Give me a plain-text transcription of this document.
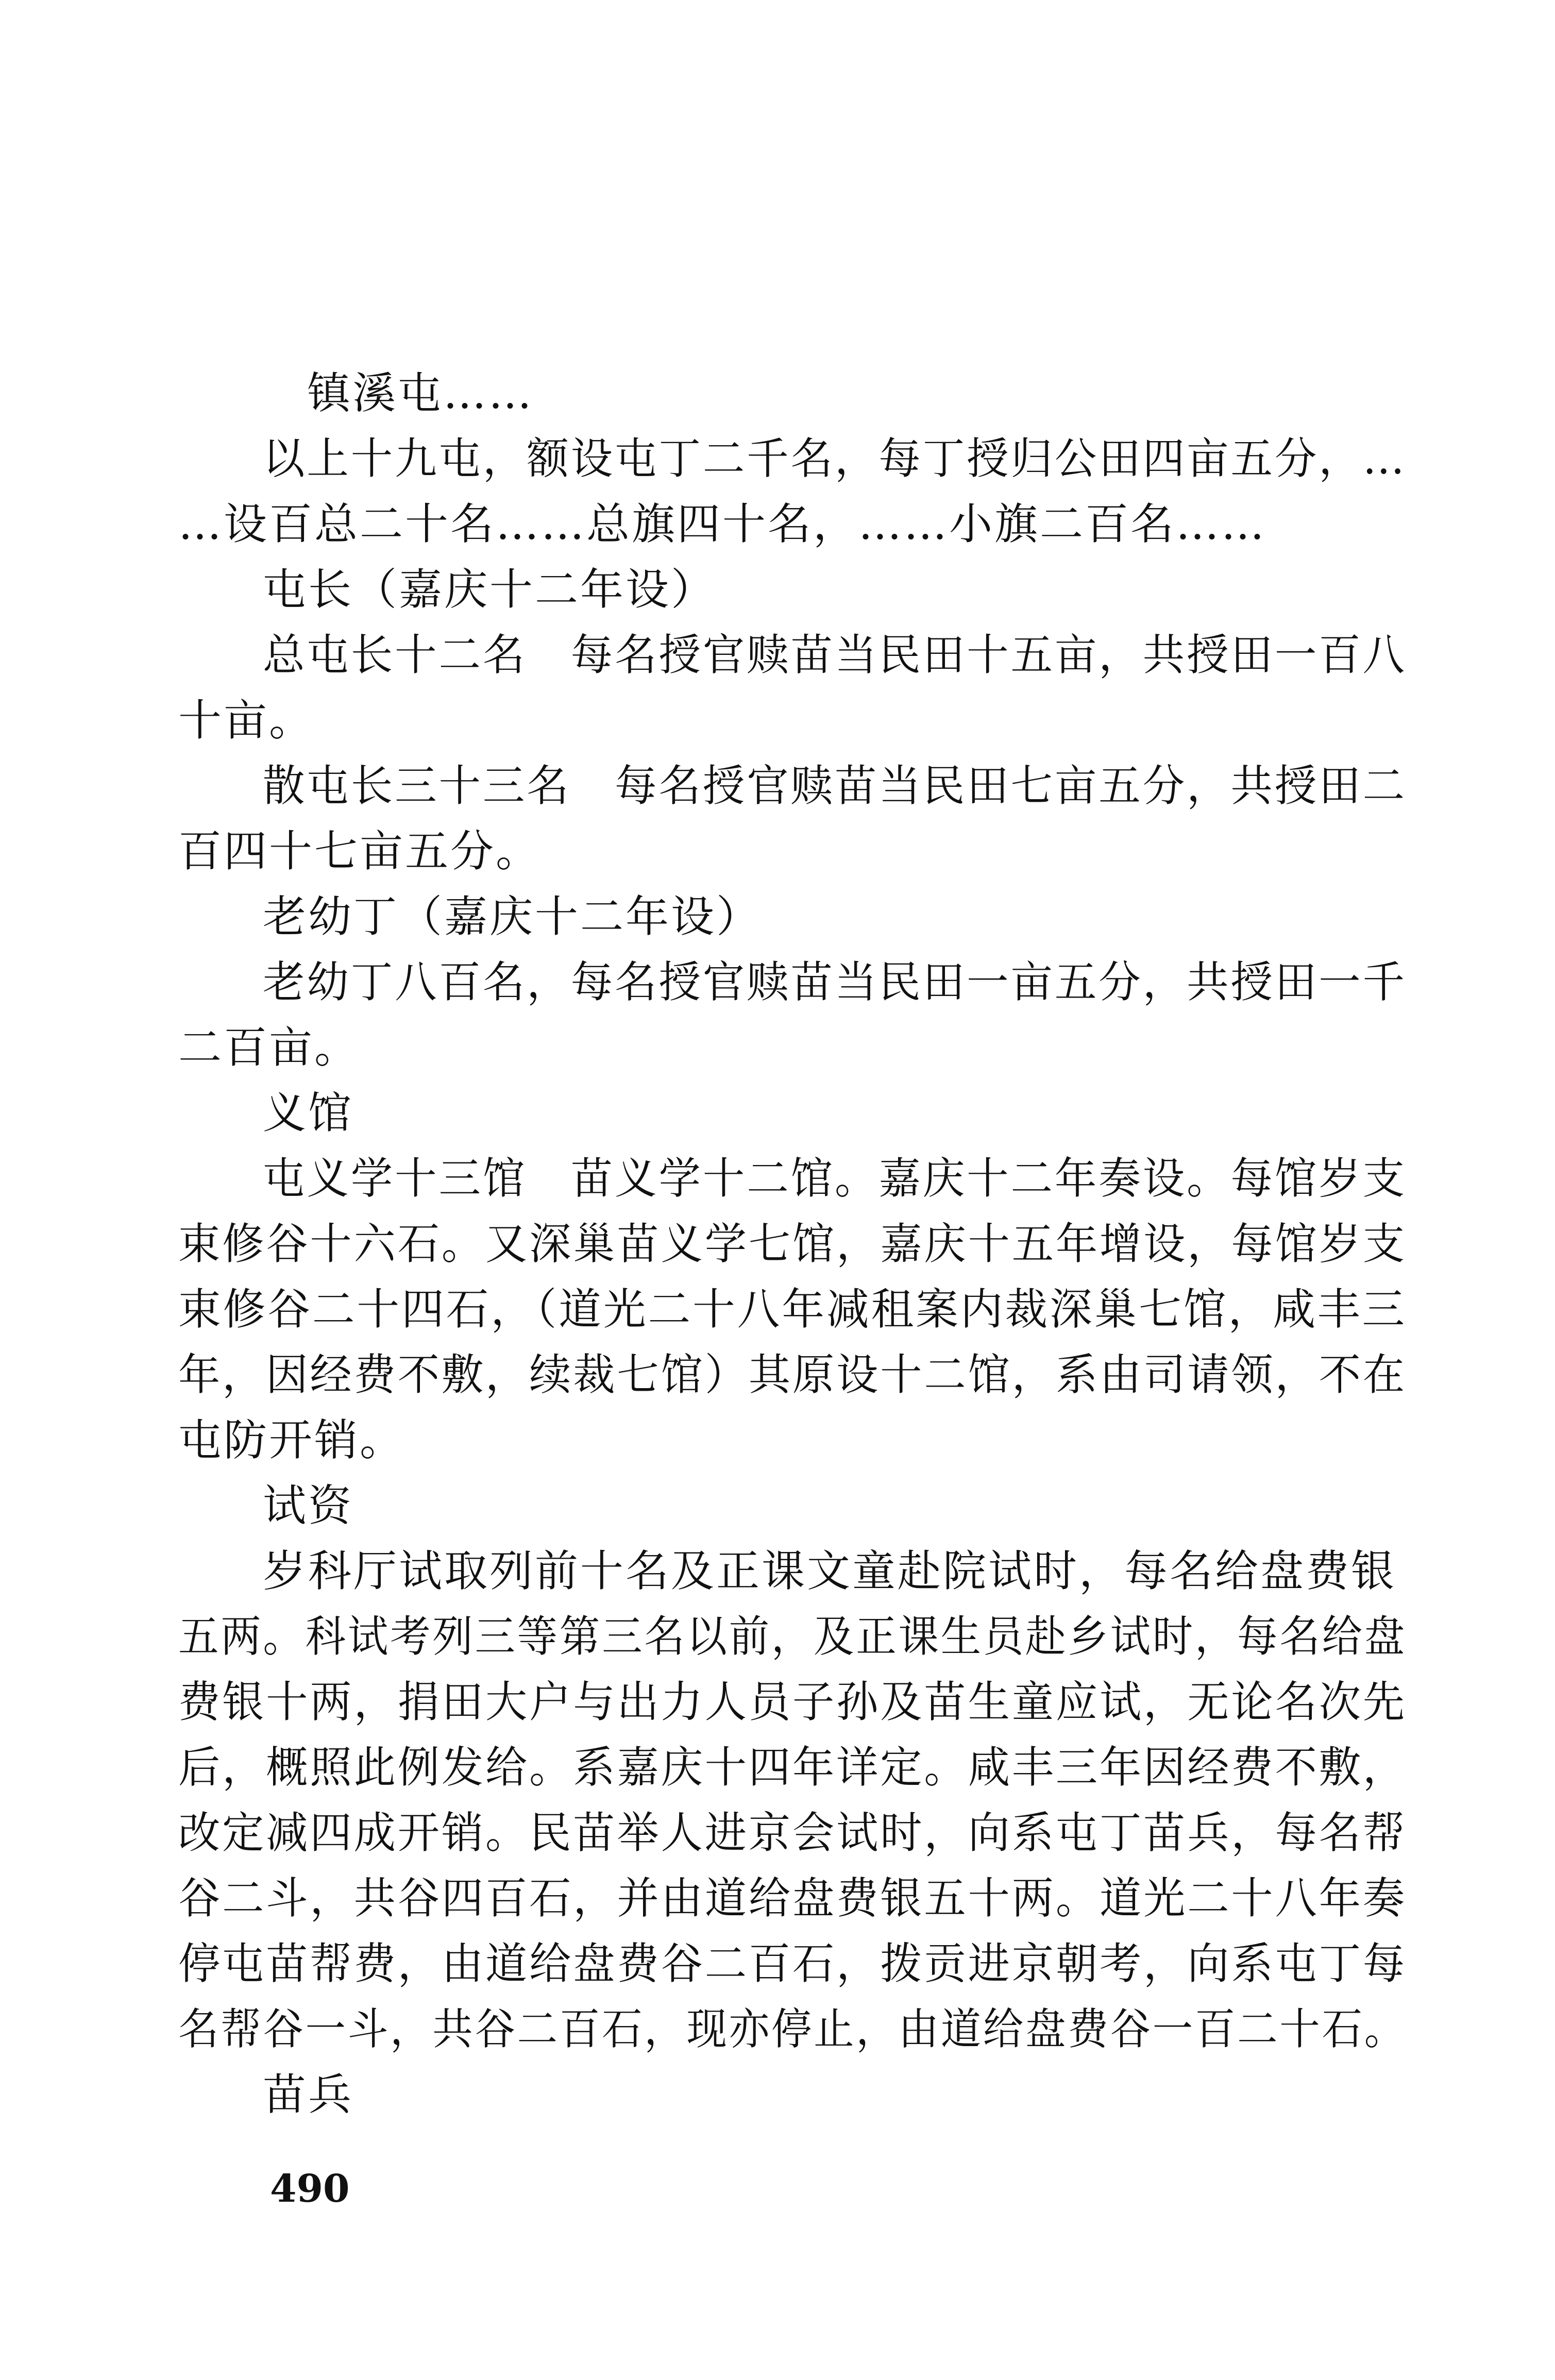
镇溪屯……
以上十九屯，额设屯丁二千名，每丁授归公田四亩五分，…
…设百总二十名……总旗四十名，……小旗二百名……
屯长（嘉庆十二年设）
总屯长十二名　每名授官赎苗当民田十五亩，共授田一百八
十亩。
散屯长三十三名　每名授官赎苗当民田七亩五分，共授田二
百四十七亩五分。
老幼丁（嘉庆十二年设）
老幼丁八百名，每名授官赎苗当民田一亩五分，共授田一千
二百亩。
义馆
屯义学十三馆　苗义学十二馆。嘉庆十二年奏设。每馆岁支
束修谷十六石。又深巢苗义学七馆，嘉庆十五年增设，每馆岁支
束修谷二十四石，（道光二十八年减租案内裁深巢七馆，咸丰三
年，因经费不敷，续裁七馆）其原设十二馆，系由司请领，不在
屯防开销。
试资
岁科厅试取列前十名及正课文童赴院试时，每名给盘费银
五两。科试考列三等第三名以前，及正课生员赴乡试时，每名给盘
费银十两，捐田大户与出力人员子孙及苗生童应试，无论名次先
后，概照此例发给。系嘉庆十四年详定。咸丰三年因经费不敷，
改定减四成开销。民苗举人进京会试时，向系屯丁苗兵，每名帮
谷二斗，共谷四百石，并由道给盘费银五十两。道光二十八年奏
停屯苗帮费，由道给盘费谷二百石，拨贡进京朝考，向系屯丁每
名帮谷一斗，共谷二百石，现亦停止，由道给盘费谷一百二十石。
苗兵
490
